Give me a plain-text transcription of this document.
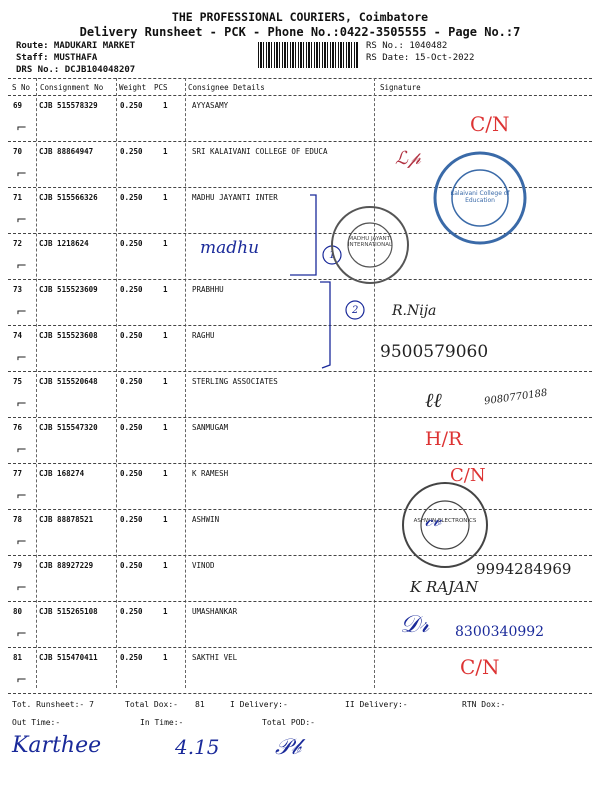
THE PROFESSIONAL COURIERS, Coimbatore
Delivery Runsheet - PCK - Phone No.:0422-3505555 - Page No.:7
Route: MADUKARI MARKET
Staff: MUSTHAFA
DRS No.: DCJB104048207
RS No.: 1040482
RS Date: 15-Oct-2022
S No Consignment No Weight PCS	Consignee Details	Signature
69 CJB 515578329	0.250	1	AYYASAMY
⌐
70 CJB 88864947	0.250	1	SRI KALAIVANI COLLEGE OF EDUCA
⌐
71 CJB 515566326	0.250	1	MADHU JAYANTI INTER
⌐
72 CJB 1218624	0.250	1
⌐
73 CJB 515523609	0.250	1	PRABHHU
⌐
74 CJB 515523608	0.250	1	RAGHU
⌐
75 CJB 515520648	0.250	1	STERLING ASSOCIATES
⌐
76 CJB 515547320	0.250	1	SANMUGAM
⌐
77 CJB 168274	0.250	1	K RAMESH
⌐
78 CJB 88878521	0.250	1	ASHWIN
⌐
79 CJB 88927229	0.250	1	VINOD
⌐
80 CJB 515265108	0.250	1	UMASHANKAR
⌐
81 CJB 515470411	0.250	1	SAKTHI VEL
⌐
1
2
Kalaivani College of Education
MADHU JAYANTI INTERNATIONAL
ASHWIN ELECTRONICS
C/N
ℒ𝓅
madhu
R.Nija
9500579060
9080770188
ℓℓ
H/R
C/N
𝒸𝓋
9994284969
K RAJAN
𝒟𝓇 8300340992
C/N
Tot. Runsheet:- 7	Total Dox:- 81	I Delivery:-	II Delivery:-	RTN Dox:-
Out Time:-	In Time:-	Total POD:-
Karthee	4.15	𝒫𝒷
